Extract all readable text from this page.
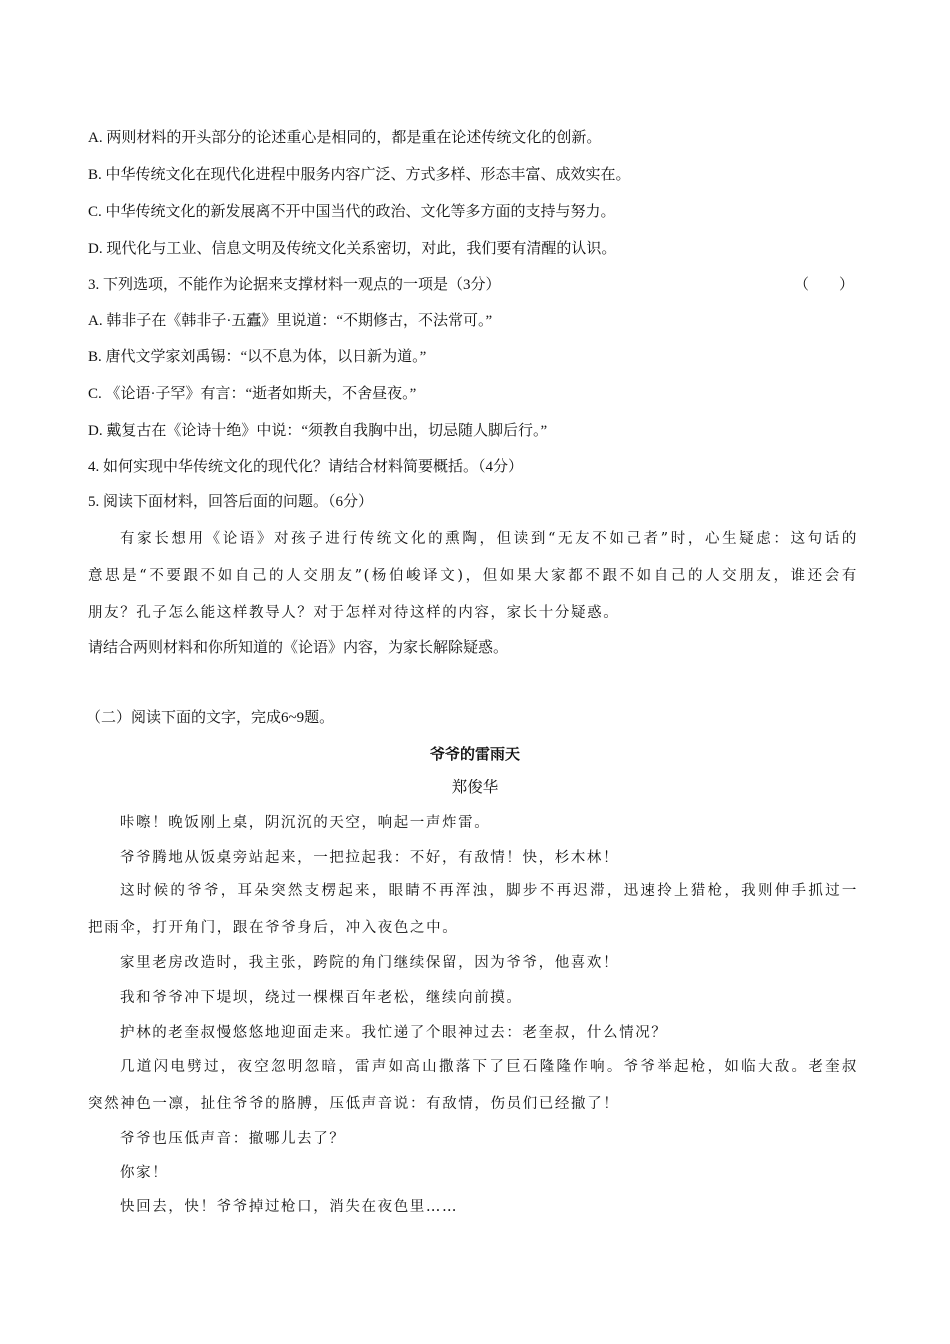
A. 两则材料的开头部分的论述重心是相同的，都是重在论述传统文化的创新。
B. 中华传统文化在现代化进程中服务内容广泛、方式多样、形态丰富、成效实在。
C. 中华传统文化的新发展离不开中国当代的政治、文化等多方面的支持与努力。
D. 现代化与工业、信息文明及传统文化关系密切，对此，我们要有清醒的认识。
3. 下列选项，不能作为论据来支撑材料一观点的一项是（3分）	（　　）
A. 韩非子在《韩非子·五蠹》里说道：“不期修古，不法常可。”
B. 唐代文学家刘禹锡：“以不息为体，以日新为道。”
C. 《论语·子罕》有言：“逝者如斯夫，不舍昼夜。”
D. 戴复古在《论诗十绝》中说：“须教自我胸中出，切忌随人脚后行。”
4. 如何实现中华传统文化的现代化？请结合材料简要概括。（4分）
5. 阅读下面材料，回答后面的问题。（6分）
有家长想用《论语》对孩子进行传统文化的熏陶，但读到“无友不如己者”时，心生疑虑：这句话的
意思是“不要跟不如自己的人交朋友”(杨伯峻译文)，但如果大家都不跟不如自己的人交朋友，谁还会有
朋友？孔子怎么能这样教导人？对于怎样对待这样的内容，家长十分疑惑。
请结合两则材料和你所知道的《论语》内容，为家长解除疑惑。
（二）阅读下面的文字，完成6~9题。
爷爷的雷雨天
郑俊华
咔嚓！晚饭刚上桌，阴沉沉的天空，响起一声炸雷。
爷爷腾地从饭桌旁站起来，一把拉起我：不好，有敌情！快，杉木林！
这时候的爷爷，耳朵突然支楞起来，眼睛不再浑浊，脚步不再迟滞，迅速拎上猎枪，我则伸手抓过一
把雨伞，打开角门，跟在爷爷身后，冲入夜色之中。
家里老房改造时，我主张，跨院的角门继续保留，因为爷爷，他喜欢！
我和爷爷冲下堤坝，绕过一棵棵百年老松，继续向前摸。
护林的老奎叔慢悠悠地迎面走来。我忙递了个眼神过去：老奎叔，什么情况？
几道闪电劈过，夜空忽明忽暗，雷声如高山撒落下了巨石隆隆作响。爷爷举起枪，如临大敌。老奎叔
突然神色一凛，扯住爷爷的胳膊，压低声音说：有敌情，伤员们已经撤了！
爷爷也压低声音：撤哪儿去了？
你家！
快回去，快！爷爷掉过枪口，消失在夜色里……
